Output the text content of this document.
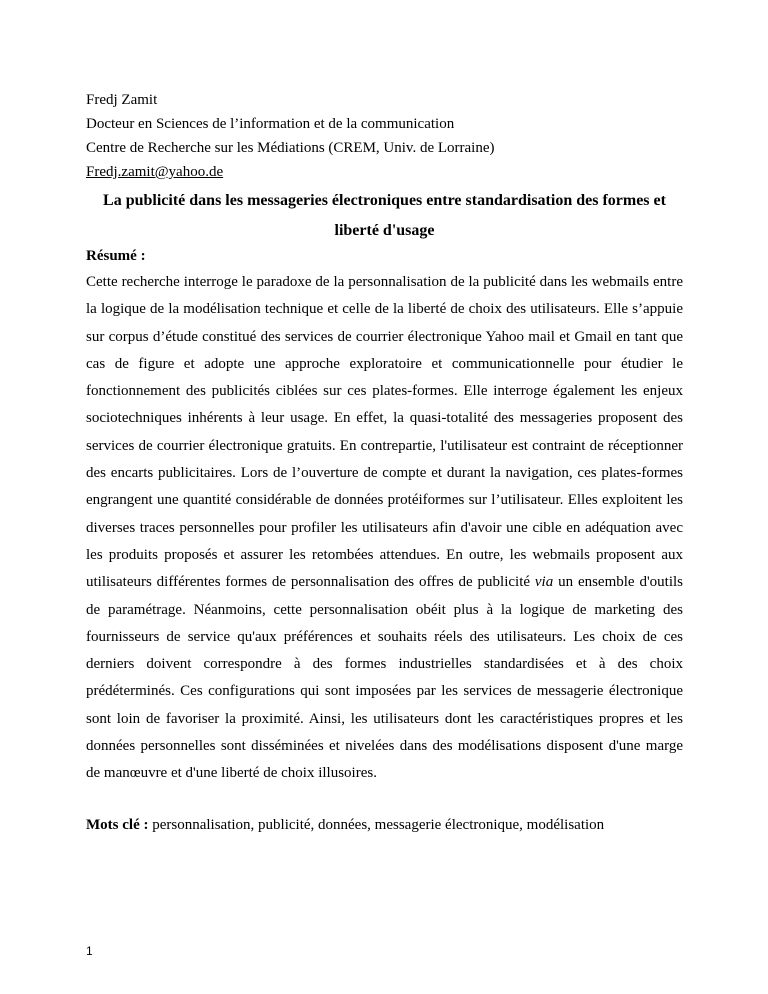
Fredj Zamit
Docteur en Sciences de l’information et de la communication
Centre de Recherche sur les Médiations (CREM, Univ. de Lorraine)
Fredj.zamit@yahoo.de
La publicité dans les messageries électroniques entre standardisation des formes et liberté d'usage
Résumé :
Cette recherche interroge le paradoxe de la personnalisation de la publicité dans les webmails entre la logique de la modélisation technique et celle de la liberté de choix des utilisateurs. Elle s’appuie sur corpus d’étude constitué des services de courrier électronique Yahoo mail et Gmail en tant que cas de figure et adopte une approche exploratoire et communicationnelle pour étudier le fonctionnement des publicités ciblées sur ces plates-formes. Elle interroge également les enjeux sociotechniques inhérents à leur usage. En effet, la quasi-totalité des messageries proposent des services de courrier électronique gratuits. En contrepartie, l'utilisateur est contraint de réceptionner des encarts publicitaires. Lors de l’ouverture de compte et durant la navigation, ces plates-formes engrangent une quantité considérable de données protéiformes sur l’utilisateur. Elles exploitent les diverses traces personnelles pour profiler les utilisateurs afin d'avoir une cible en adéquation avec les produits proposés et assurer les retombées attendues. En outre, les webmails proposent aux utilisateurs différentes formes de personnalisation des offres de publicité via un ensemble d'outils de paramétrage. Néanmoins, cette personnalisation obéit plus à la logique de marketing des fournisseurs de service qu'aux préférences et souhaits réels des utilisateurs. Les choix de ces derniers doivent correspondre à des formes industrielles standardisées et à des choix prédéterminés. Ces configurations qui sont imposées par les services de messagerie électronique sont loin de favoriser la proximité. Ainsi, les utilisateurs dont les caractéristiques propres et les données personnelles sont disséminées et nivelées dans des modélisations disposent d'une marge de manœuvre et d'une liberté de choix illusoires.
Mots clé : personnalisation, publicité, données, messagerie électronique, modélisation
1
